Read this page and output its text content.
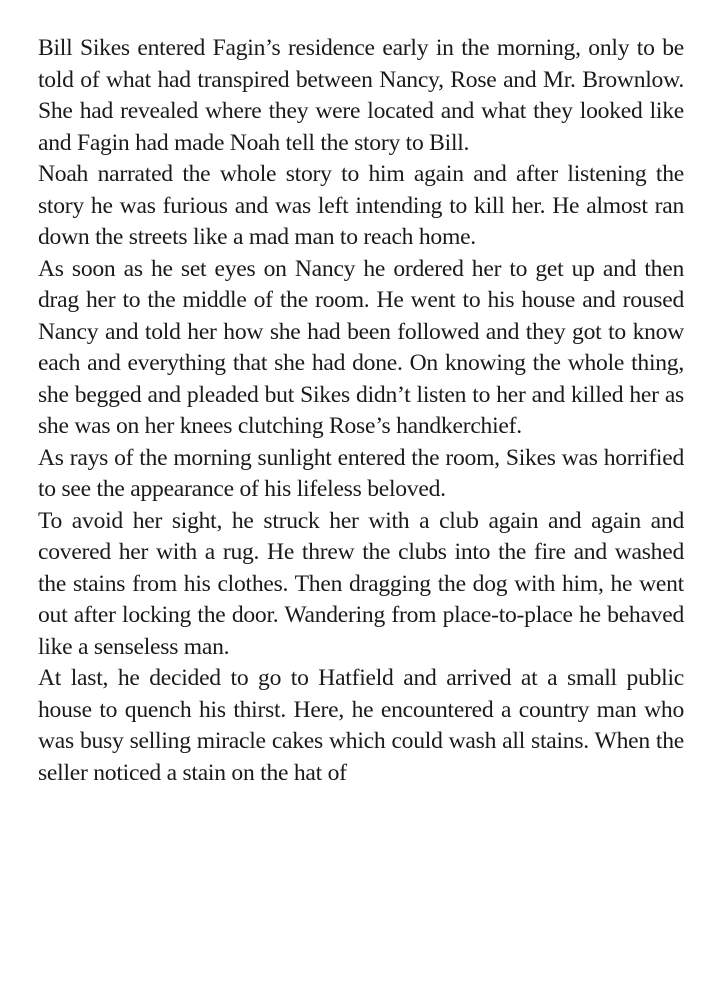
Bill Sikes entered Fagin’s residence early in the morning, only to be told of what had transpired between Nancy, Rose and Mr. Brownlow. She had revealed where they were located and what they looked like and Fagin had made Noah tell the story to Bill.

Noah narrated the whole story to him again and after listening the story he was furious and was left intending to kill her. He almost ran down the streets like a mad man to reach home.

As soon as he set eyes on Nancy he ordered her to get up and then drag her to the middle of the room. He went to his house and roused Nancy and told her how she had been followed and they got to know each and everything that she had done. On knowing the whole thing, she begged and pleaded but Sikes didn’t listen to her and killed her as she was on her knees clutching Rose’s handkerchief.

As rays of the morning sunlight entered the room, Sikes was horrified to see the appearance of his lifeless beloved.

To avoid her sight, he struck her with a club again and again and covered her with a rug. He threw the clubs into the fire and washed the stains from his clothes. Then dragging the dog with him, he went out after locking the door. Wandering from place-to-place he behaved like a senseless man.

At last, he decided to go to Hatfield and arrived at a small public house to quench his thirst. Here, he encountered a country man who was busy selling miracle cakes which could wash all stains. When the seller noticed a stain on the hat of
